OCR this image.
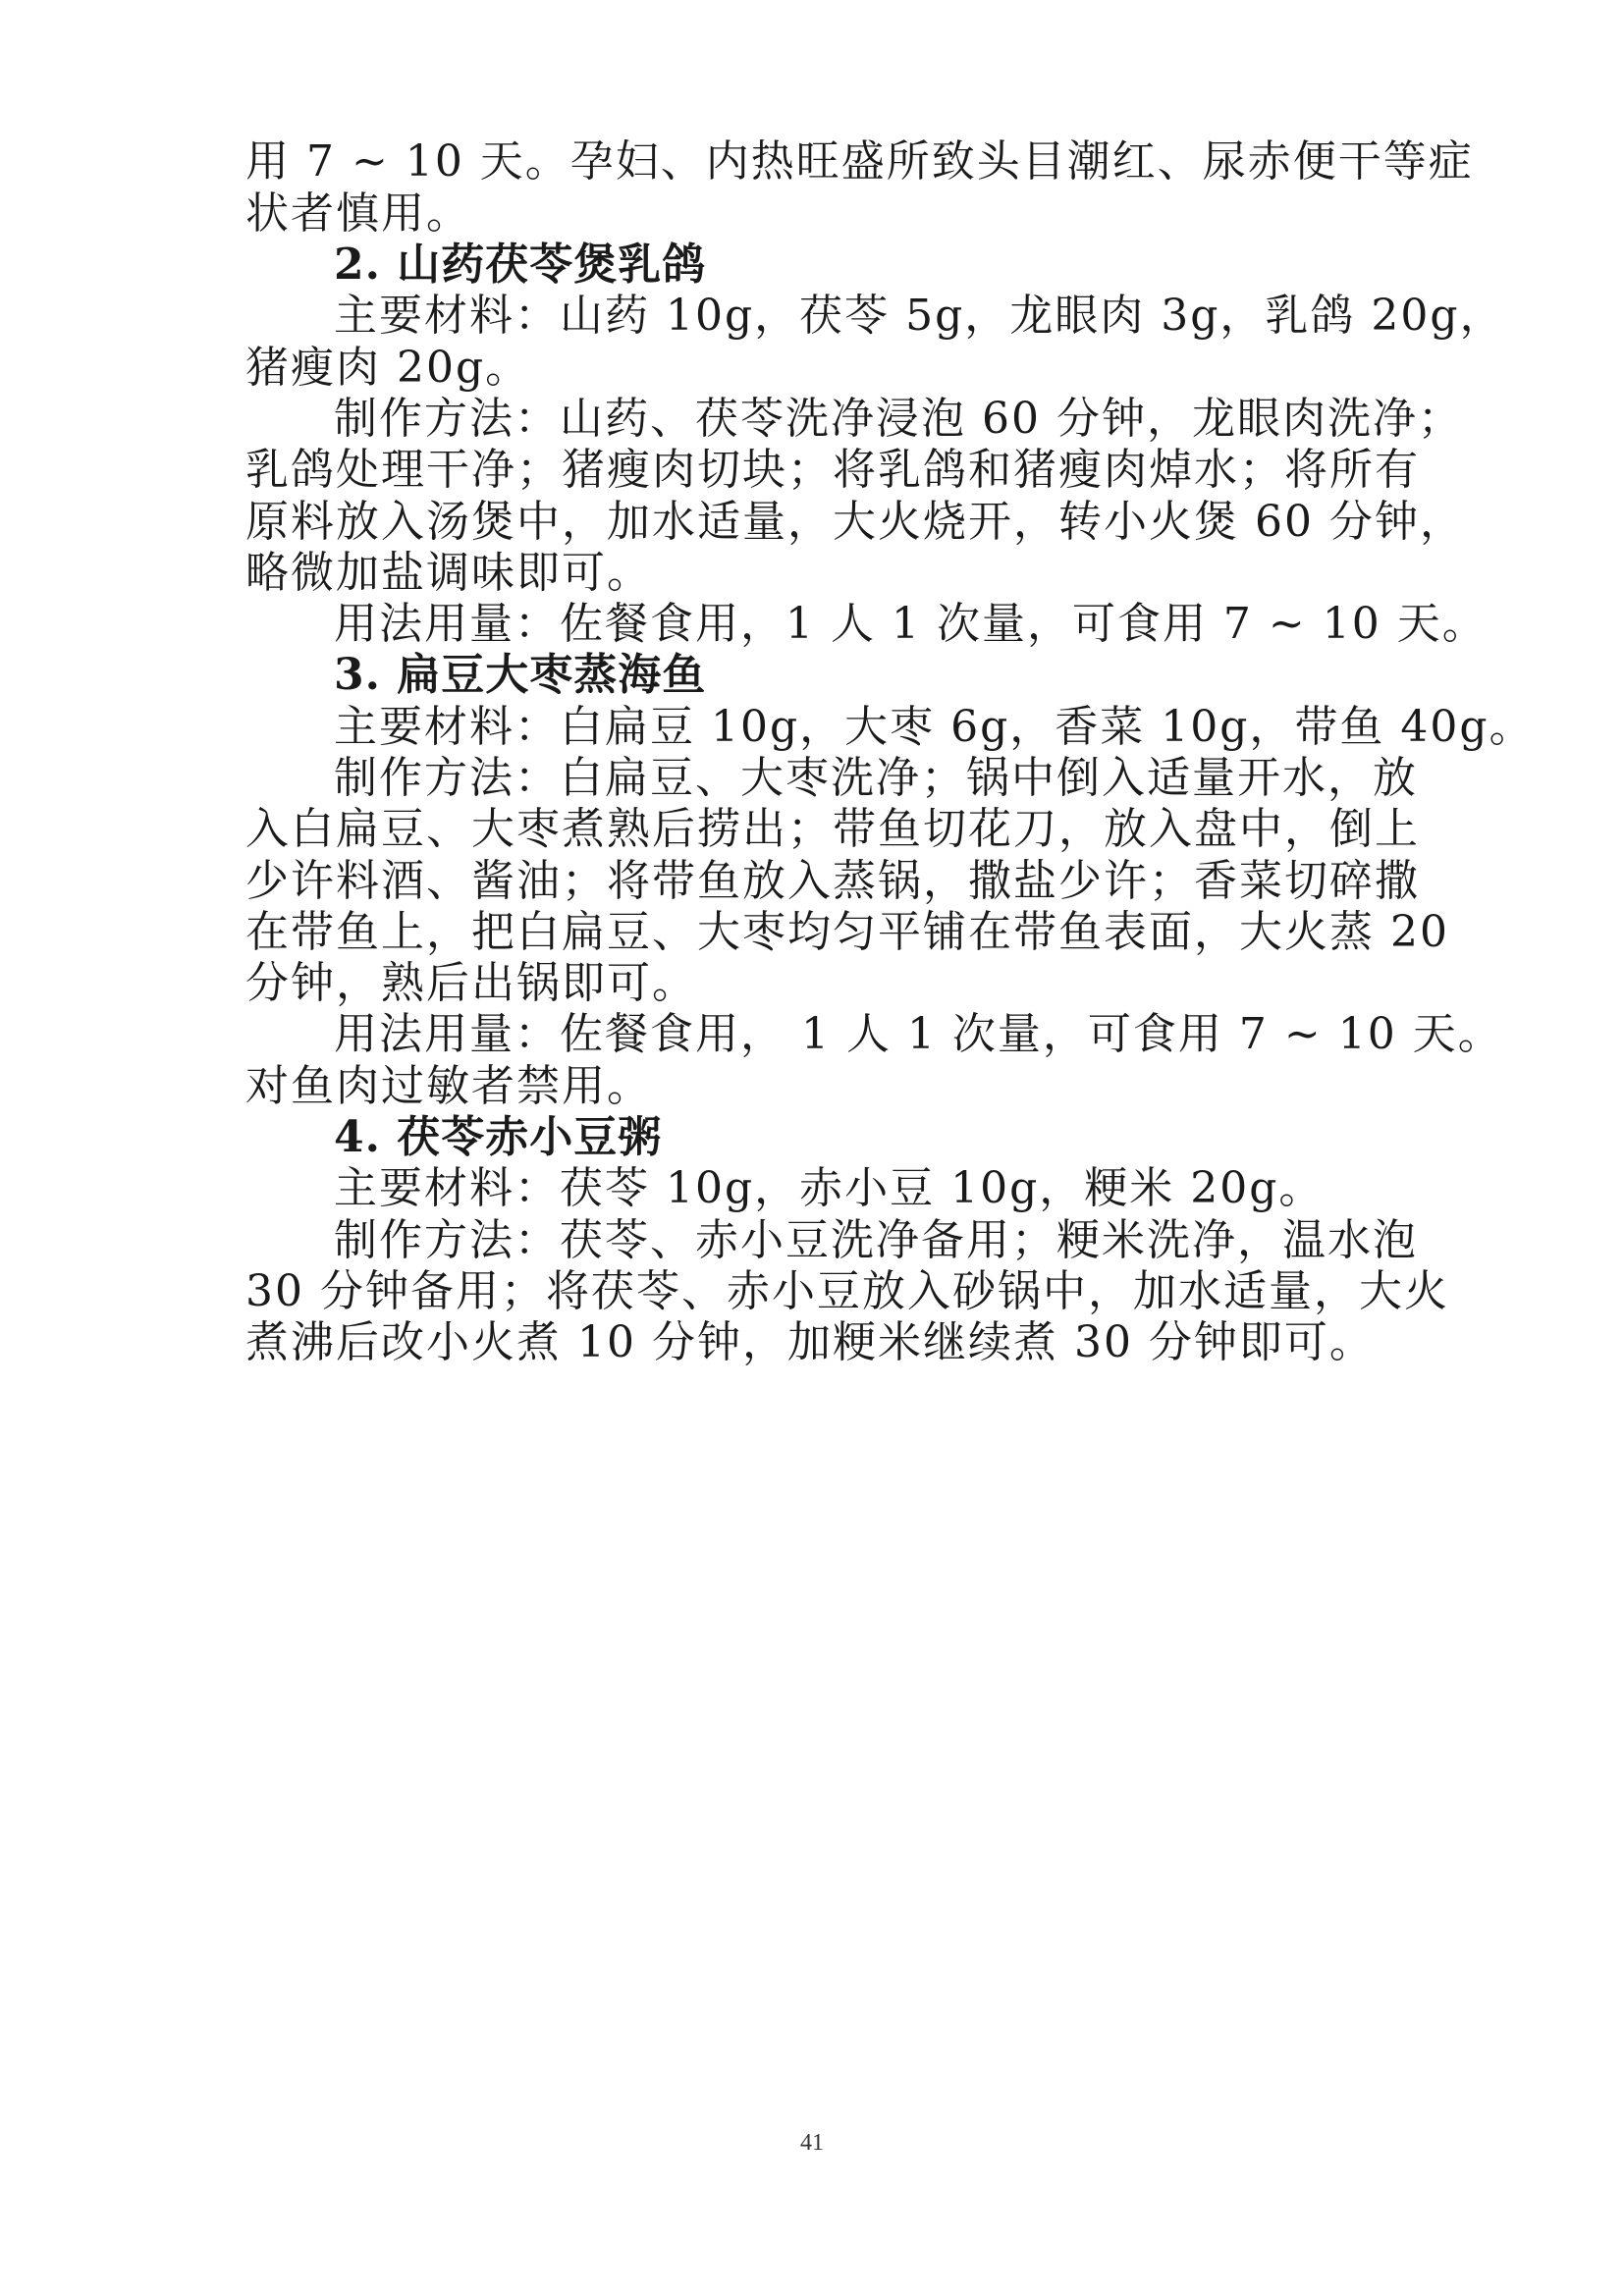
用 7 ~ 10 天。孕妇、内热旺盛所致头目潮红、尿赤便干等症
状者慎用。
2. 山药茯苓煲乳鸽
主要材料：山药 10g，茯苓 5g，龙眼肉 3g，乳鸽 20g，
猪瘦肉 20g。
制作方法：山药、茯苓洗净浸泡 60 分钟，龙眼肉洗净；
乳鸽处理干净；猪瘦肉切块；将乳鸽和猪瘦肉焯水；将所有
原料放入汤煲中，加水适量，大火烧开，转小火煲 60 分钟，
略微加盐调味即可。
用法用量：佐餐食用，1 人 1 次量，可食用 7 ~ 10 天。
3. 扁豆大枣蒸海鱼
主要材料：白扁豆 10g，大枣 6g，香菜 10g，带鱼 40g。
制作方法：白扁豆、大枣洗净；锅中倒入适量开水，放
入白扁豆、大枣煮熟后捞出；带鱼切花刀，放入盘中，倒上
少许料酒、酱油；将带鱼放入蒸锅，撒盐少许；香菜切碎撒
在带鱼上，把白扁豆、大枣均匀平铺在带鱼表面，大火蒸 20
分钟，熟后出锅即可。
用法用量：佐餐食用， 1 人 1 次量，可食用 7 ~ 10 天。
对鱼肉过敏者禁用。
4. 茯苓赤小豆粥
主要材料：茯苓 10g，赤小豆 10g，粳米 20g。
制作方法：茯苓、赤小豆洗净备用；粳米洗净，温水泡
30 分钟备用；将茯苓、赤小豆放入砂锅中，加水适量，大火
煮沸后改小火煮 10 分钟，加粳米继续煮 30 分钟即可。
41
